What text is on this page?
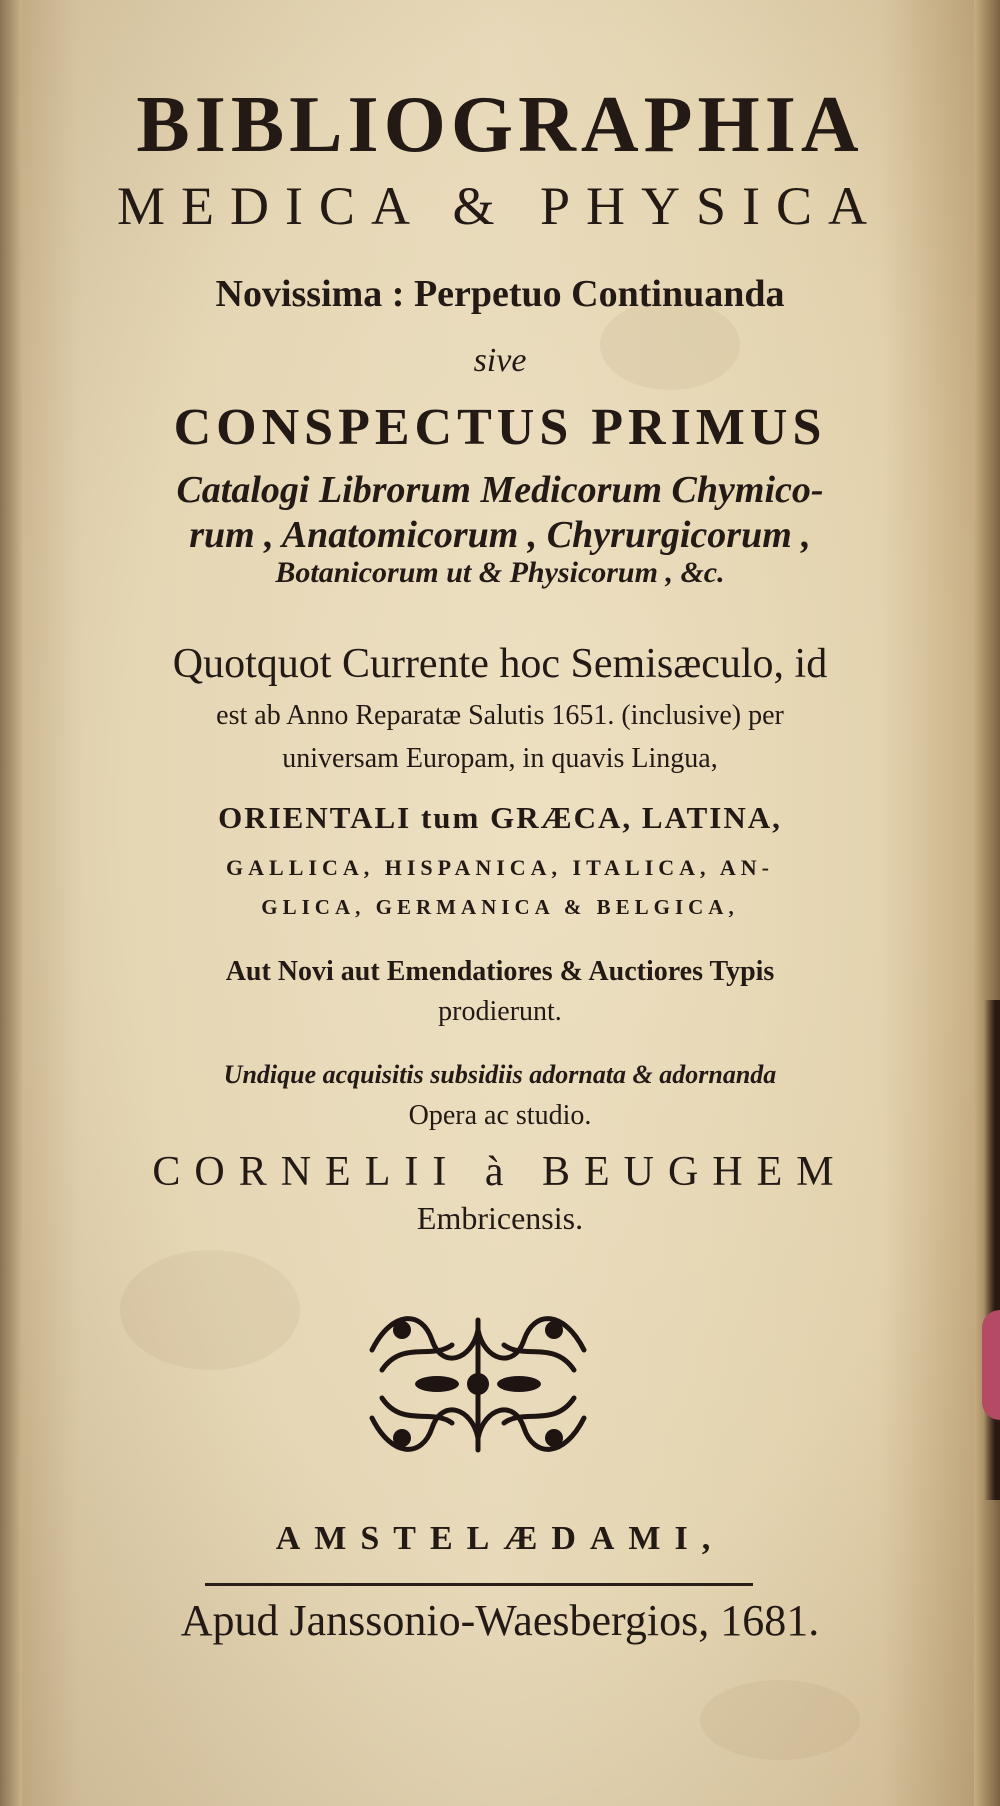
BIBLIOGRAPHIA
MEDICA & PHYSICA
Novissima : Perpetuo Continuanda
sive
CONSPECTUS PRIMUS
Catalogi Librorum Medicorum Chymico-
rum , Anatomicorum , Chyrurgicorum ,
Botanicorum ut & Physicorum , &c.
Quotquot Currente hoc Semisæculo, id
est ab Anno Reparatæ Salutis 1651. (inclusive) per
universam Europam, in quavis Lingua,
ORIENTALI tum GRÆCA, LATINA,
GALLICA, HISPANICA, ITALICA, AN-
GLICA, GERMANICA & BELGICA,
Aut Novi aut Emendatiores & Auctiores Typis
prodierunt.
Undique acquisitis subsidiis adornata & adornanda
Opera ac studio.
CORNELII à BEUGHEM
Embricensis.
AMSTELÆDAMI,
Apud Janssonio-Waesbergios, 1681.
